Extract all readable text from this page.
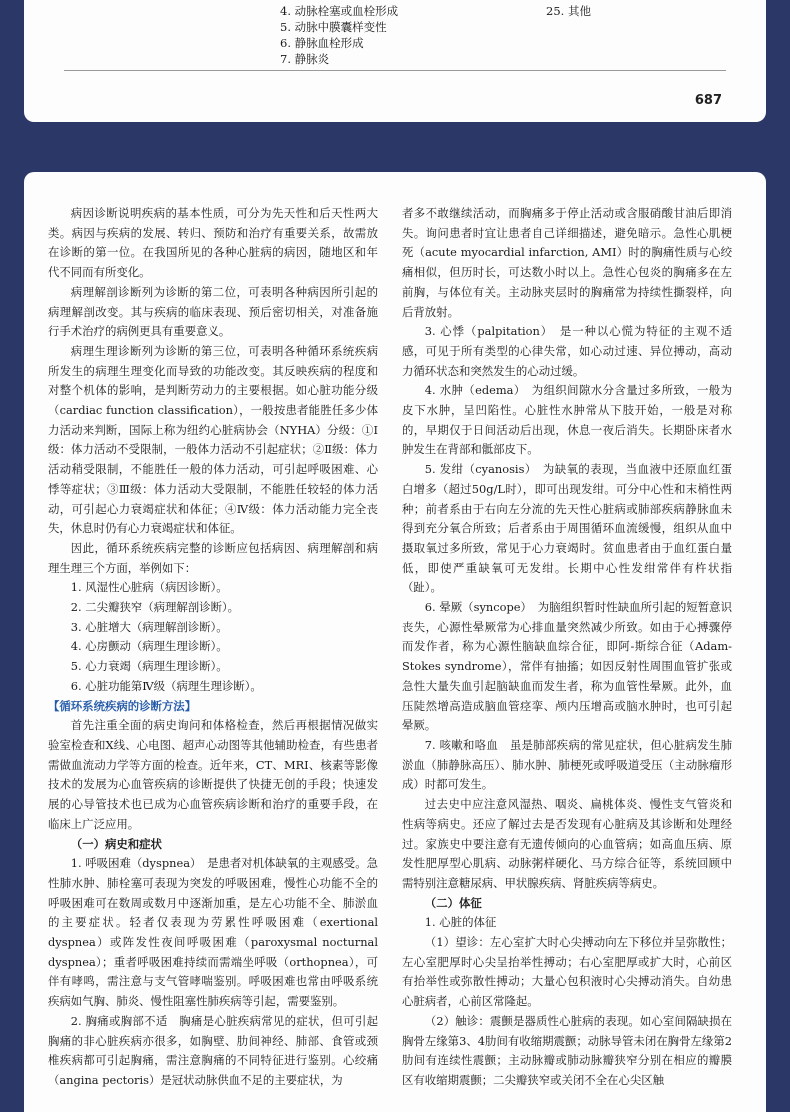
4. 动脉栓塞或血栓形成
5. 动脉中膜囊样变性
6. 静脉血栓形成
7. 静脉炎
25. 其他
687

病因诊断说明疾病的基本性质，可分为先天性和后天性两大类。病因与疾病的发展、转归、预防和治疗有重要关系，故需放在诊断的第一位。在我国所见的各种心脏病的病因，随地区和年代不同而有所变化。

病理解剖诊断列为诊断的第二位，可表明各种病因所引起的病理解剖改变。其与疾病的临床表现、预后密切相关，对准备施行手术治疗的病例更具有重要意义。

病理生理诊断列为诊断的第三位，可表明各种循环系统疾病所发生的病理生理变化而导致的功能改变。其反映疾病的程度和对整个机体的影响，是判断劳动力的主要根据。如心脏功能分级（cardiac function classification），一般按患者能胜任多少体力活动来判断，国际上称为纽约心脏病协会（NYHA）分级：①Ⅰ级：体力活动不受限制，一般体力活动不引起症状；②Ⅱ级：体力活动稍受限制，不能胜任一般的体力活动，可引起呼吸困难、心悸等症状；③Ⅲ级：体力活动大受限制，不能胜任较轻的体力活动，可引起心力衰竭症状和体征；④Ⅳ级：体力活动能力完全丧失，休息时仍有心力衰竭症状和体征。

因此，循环系统疾病完整的诊断应包括病因、病理解剖和病理生理三个方面，举例如下：

1. 风湿性心脏病（病因诊断）。
2. 二尖瓣狭窄（病理解剖诊断）。
3. 心脏增大（病理解剖诊断）。
4. 心房颤动（病理生理诊断）。
5. 心力衰竭（病理生理诊断）。
6. 心脏功能第Ⅳ级（病理生理诊断）。
【循环系统疾病的诊断方法】

首先注重全面的病史询问和体格检查，然后再根据情况做实验室检查和X线、心电图、超声心动图等其他辅助检查，有些患者需做血流动力学等方面的检查。近年来，CT、MRI、核素等影像技术的发展为心血管疾病的诊断提供了快捷无创的手段；快速发展的心导管技术也已成为心血管疾病诊断和治疗的重要手段，在临床上广泛应用。

（一）病史和症状

1. 呼吸困难（dyspnea）　是患者对机体缺氧的主观感受。急性肺水肿、肺栓塞可表现为突发的呼吸困难，慢性心功能不全的呼吸困难可在数周或数月中逐渐加重，是左心功能不全、肺淤血的主要症状。轻者仅表现为劳累性呼吸困难（exertional dyspnea）或阵发性夜间呼吸困难（paroxysmal nocturnal dyspnea）；重者呼吸困难持续而需端坐呼吸（orthopnea），可伴有哮鸣，需注意与支气管哮喘鉴别。呼吸困难也常由呼吸系统疾病如气胸、肺炎、慢性阻塞性肺疾病等引起，需要鉴别。

2. 胸痛或胸部不适　胸痛是心脏疾病常见的症状，但可引起胸痛的非心脏疾病亦很多，如胸壁、肋间神经、肺部、食管或颈椎疾病都可引起胸痛，需注意胸痛的不同特征进行鉴别。心绞痛（angina pectoris）是冠状动脉供血不足的主要症状，为

者多不敢继续活动，而胸痛多于停止活动或含服硝酸甘油后即消失。询问患者时宜让患者自己详细描述，避免暗示。急性心肌梗死（acute myocardial infarction, AMI）时的胸痛性质与心绞痛相似，但历时长，可达数小时以上。急性心包炎的胸痛多在左前胸，与体位有关。主动脉夹层时的胸痛常为持续性撕裂样，向后背放射。

3. 心悸（palpitation）　是一种以心慌为特征的主观不适感，可见于所有类型的心律失常，如心动过速、异位搏动，高动力循环状态和突然发生的心动过缓。

4. 水肿（edema）　为组织间隙水分含量过多所致，一般为皮下水肿，呈凹陷性。心脏性水肿常从下肢开始，一般是对称的，早期仅于日间活动后出现，休息一夜后消失。长期卧床者水肿发生在背部和骶部皮下。

5. 发绀（cyanosis）　为缺氧的表现，当血液中还原血红蛋白增多（超过50g/L时），即可出现发绀。可分中心性和末梢性两种；前者系由于右向左分流的先天性心脏病或肺部疾病静脉血未得到充分氧合所致；后者系由于周围循环血流缓慢，组织从血中摄取氧过多所致，常见于心力衰竭时。贫血患者由于血红蛋白量低，即使严重缺氧可无发绀。长期中心性发绀常伴有杵状指（趾）。

6. 晕厥（syncope）　为脑组织暂时性缺血所引起的短暂意识丧失，心源性晕厥常为心排血量突然减少所致。如由于心搏骤停而发作者，称为心源性脑缺血综合征，即阿-斯综合征（Adam-Stokes syndrome），常伴有抽搐；如因反射性周围血管扩张或急性大量失血引起脑缺血而发生者，称为血管性晕厥。此外，血压陡然增高造成脑血管痉挛、颅内压增高或脑水肿时，也可引起晕厥。

7. 咳嗽和咯血　虽是肺部疾病的常见症状，但心脏病发生肺淤血（肺静脉高压）、肺水肿、肺梗死或呼吸道受压（主动脉瘤形成）时都可发生。

过去史中应注意风湿热、咽炎、扁桃体炎、慢性支气管炎和性病等病史。还应了解过去是否发现有心脏病及其诊断和处理经过。家族史中要注意有无遗传倾向的心血管病；如高血压病、原发性肥厚型心肌病、动脉粥样硬化、马方综合征等，系统回顾中需特别注意糖尿病、甲状腺疾病、肾脏疾病等病史。

（二）体征

1. 心脏的体征

（1）望诊：左心室扩大时心尖搏动向左下移位并呈弥散性；左心室肥厚时心尖呈抬举性搏动；右心室肥厚或扩大时，心前区有抬举性或弥散性搏动；大量心包积液时心尖搏动消失。自幼患心脏病者，心前区常隆起。

（2）触诊：震颤是器质性心脏病的表现。如心室间隔缺损在胸骨左缘第3、4肋间有收缩期震颤；动脉导管未闭在胸骨左缘第2肋间有连续性震颤；主动脉瓣或肺动脉瓣狭窄分别在相应的瓣膜区有收缩期震颤；二尖瓣狭窄或关闭不全在心尖区触
